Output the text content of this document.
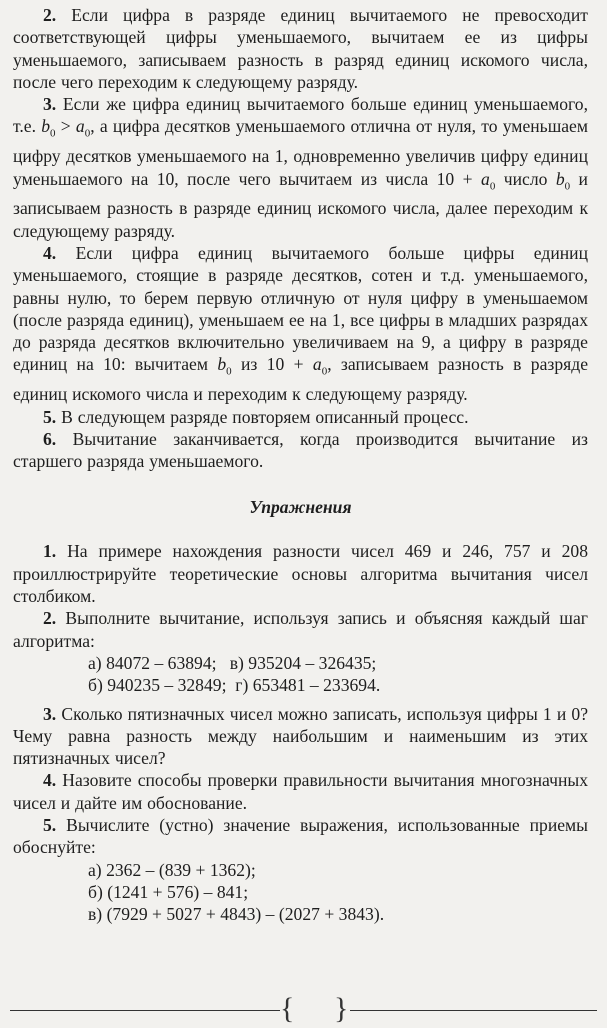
2. Если цифра в разряде единиц вычитаемого не превосходит соответствующей цифры уменьшаемого, вычитаем ее из цифры уменьшаемого, записываем разность в разряд единиц искомого числа, после чего переходим к следующему разряду.

3. Если же цифра единиц вычитаемого больше единиц уменьшаемого, т.е. $b_0 > a_0$, а цифра десятков уменьшаемого отлична от нуля, то уменьшаем цифру десятков уменьшаемого на 1, одновременно увеличив цифру единиц уменьшаемого на 10, после чего вычитаем из числа $10 + a_0$ число $b_0$ и записываем разность в разряде единиц искомого числа, далее переходим к следующему разряду.

4. Если цифра единиц вычитаемого больше цифры единиц уменьшаемого, стоящие в разряде десятков, сотен и т.д. уменьшаемого, равны нулю, то берем первую отличную от нуля цифру в уменьшаемом (после разряда единиц), уменьшаем ее на 1, все цифры в младших разрядах до разряда десятков включительно увеличиваем на 9, а цифру в разряде единиц на 10: вычитаем $b_0$ из $10 + a_0$, записываем разность в разряде единиц искомого числа и переходим к следующему разряду.

5. В следующем разряде повторяем описанный процесс.

6. Вычитание заканчивается, когда производится вычитание из старшего разряда уменьшаемого.

Упражнения

1. На примере нахождения разности чисел 469 и 246, 757 и 208 проиллюстрируйте теоретические основы алгоритма вычитания чисел столбиком.

2. Выполните вычитание, используя запись и объясняя каждый шаг алгоритма:

а) 84072 – 63894;   в) 935204 – 326435;
б) 940235 – 32849;  г) 653481 – 233694.

3. Сколько пятизначных чисел можно записать, используя цифры 1 и 0? Чему равна разность между наибольшим и наименьшим из этих пятизначных чисел?

4. Назовите способы проверки правильности вычитания многозначных чисел и дайте им обоснование.

5. Вычислите (устно) значение выражения, использованные приемы обоснуйте:

а) 2362 – (839 + 1362);
б) (1241 + 576) – 841;
в) (7929 + 5027 + 4843) – (2027 + 3843).
{ }
